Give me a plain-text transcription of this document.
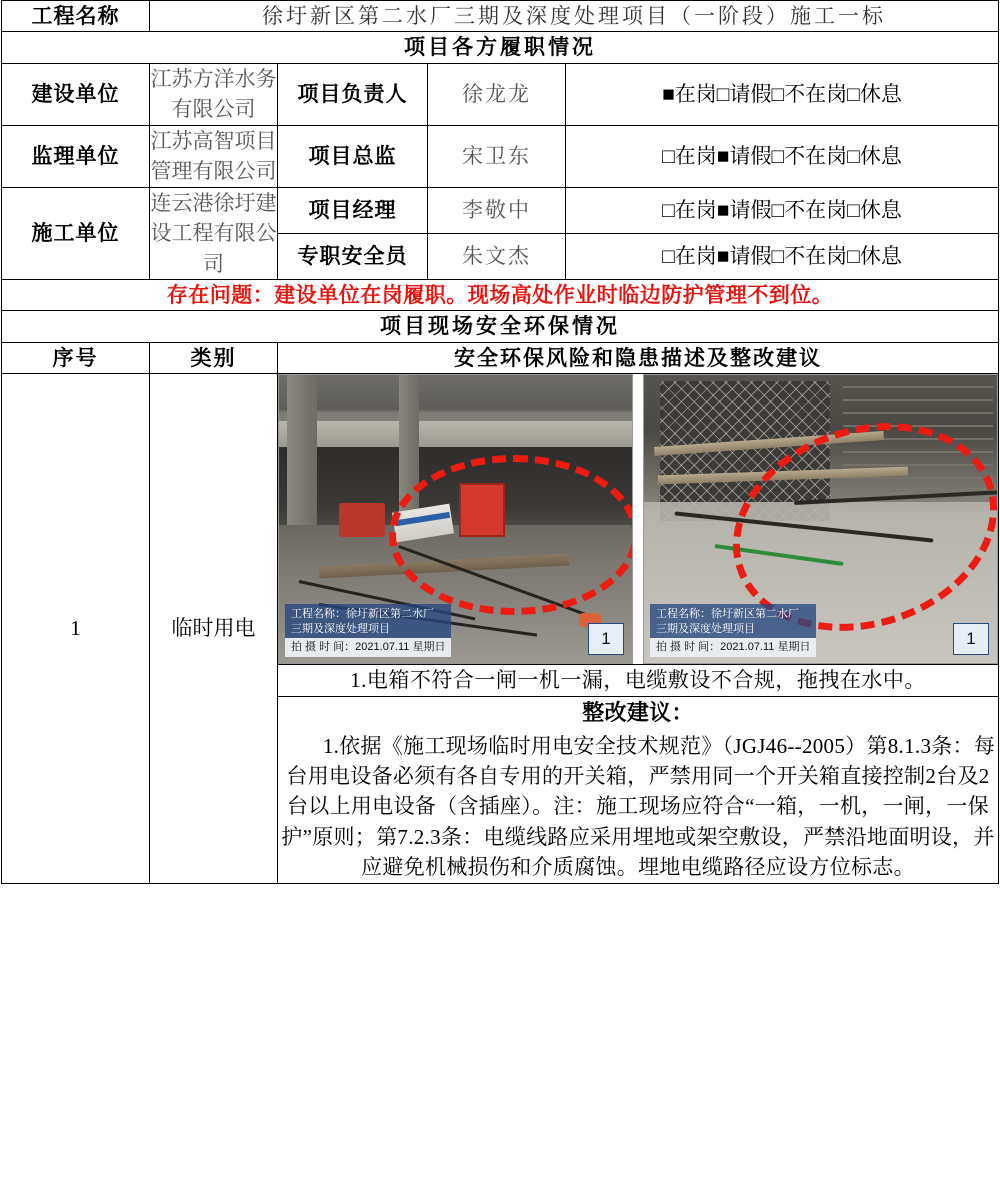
工程名称	徐圩新区第二水厂三期及深度处理项目（一阶段）施工一标			
项目各方履职情况				
建设单位	江苏方洋水务有限公司	项目负责人	徐龙龙	■在岗□请假□不在岗□休息
监理单位	江苏高智项目管理有限公司	项目总监	宋卫东	□在岗■请假□不在岗□休息
施工单位	连云港徐圩建设工程有限公司	项目经理	李敬中	□在岗■请假□不在岗□休息
		专职安全员	朱文杰	□在岗■请假□不在岗□休息
存在问题：建设单位在岗履职。现场高处作业时临边防护管理不到位。				
项目现场安全环保情况				
序号	类别	安全环保风险和隐患描述及整改建议		
1	临时用电	
工程名称：徐圩新区第二水厂
三期及深度处理项目
拍 摄 时 间：2021.07.11 星期日	1
工程名称：徐圩新区第二水厂
三期及深度处理项目
拍 摄 时 间：2021.07.11 星期日	1

		1.电箱不符合一闸一机一漏，电缆敷设不合规，拖拽在水中。		

		整改建议：

1.依据《施工现场临时用电安全技术规范》（JGJ46--2005）第8.1.3条：每台用电设备必须有各自专用的开关箱，严禁用同一个开关箱直接控制2台及2台以上用电设备（含插座）。注：施工现场应符合“一箱，一机，一闸，一保护”原则；第7.2.3条：电缆线路应采用埋地或架空敷设，严禁沿地面明设，并应避免机械损伤和介质腐蚀。埋地电缆路径应设方位标志。		
